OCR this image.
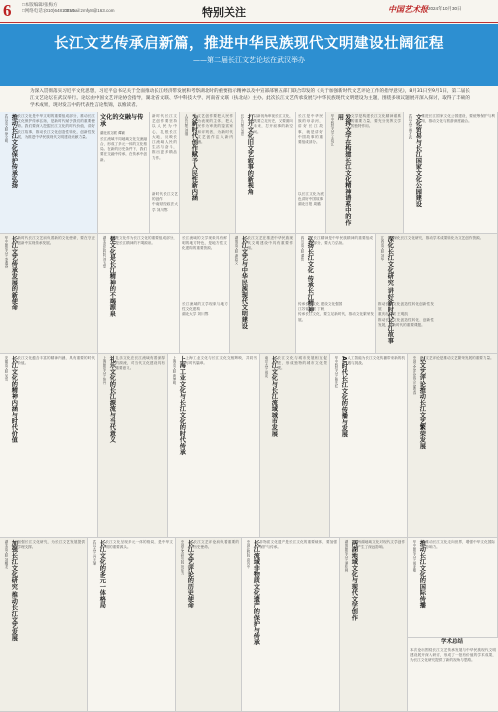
6 □本版编辑/张梅方
□网络电话:(010)64810710
□E-mail:zmfy8@163.com	特别关注	中国艺术报 2024年10月30日
长江文艺传承启新篇，推进中华民族现代文明建设壮阔征程
——第二届长江文艺论坛在武汉举办
为深入贯彻落实习近平文化思想，习近平总书记关于全面推动长江经济带发展和考察湖北时的重要指示精神以及中宣部部署五部门联合印发的《关于加强新时代文艺评论工作的指导意见》，8月31日至9月1日，第二届长江文艺论坛在武汉举行。论坛由中国文艺评论协会指导，湖北省文联、华中科技大学、河南省文联（扶北站）主办。此次长江文艺传承发展与中华民族现代文明建设为主题，围绕多项议题展开深入探讨，取得了丰硕的学术成果，现对发言中的代表性言论集锦，以飨读者。
推动长江文化保护传承弘扬
武汉市文联 徐文明	长江文化是中华文明的重要组成部分，推动长江文化保护传承弘扬，是新时代赋予我们的重要使命。我们要深入挖掘长江文化的时代价值，讲好长江故事，推动长江文化创造性转化、创新性发展，为推进中华民族现代文明建设贡献力量。
文化的交融与传承
湖北省文联 谭颖
长江流域不同地域文化交流融合，形成了多元一体的文化格局。在新的历史条件下，我们要在交融中传承，在传承中创新。
新时代长江文艺创作要坚持以人民为中心，扎根长江大地，反映长江流域人民的生活与奋斗，推出更多精品力作。	为新时代创作赋予人民性新内涵
人民日报 刘继	文艺创作要把人民作为表现的主体，把人民作为审美的鉴赏家和评判者，为新时代文艺创作注入新内涵。	打开文化旧文艺叙事的新视角
长江日报 吴思	以新视角审视长江文化，既要立足历史，又要面向未来，打开叙事的新空间。
长江是中华民族的母亲河，讲好长江故事，就是讲好中国故事的重要组成部分。	发挥文学在构建长江文化精神谱系中的作用
华中科技大学 王均江	文学是构建长江文化精神谱系的重要力量，要充分发挥文学的独特作用。	文化贸易与长江国家文化公园建设
武汉大学 傅才武	推进长江国家文化公园建设，要统筹保护与利用，推动文化与旅游深度融合。
长江文艺传承发展的新使命
华中师范大学 李遇春	新时代长江文艺肩负着新的文化使命，要在守正创新中实现传承发展。	楚文化是长江精神的不竭源泉
湖北省社科院 刘玉堂	楚文化作为长江文化的重要组成部分，是长江精神的不竭源泉。
长江流域的文学现象具有鲜明的地方特色，是地方性文化建构的重要资源。	长江文艺与中华民族现代文明建设
湖南省文联 龚政文	长江文艺在推进中华民族现代文明建设中具有重要作用。	弘扬长江文化 传承长江精神
四川省文联 谭智	长江精神是中华民族精神的重要组成部分，要大力弘扬。	深化长江文化研究 讲好新时代长江故事
江西省文联 刘华	深化长江文化研究，推动学术成果转化为文艺创作资源。
长江文化的精神内涵与时代价值
安徽省文联 吴雪	长江文化蕴含丰富的精神内涵，具有重要的时代价值。	礼乐文化的长江源流与当代意义
上海师范大学 詹丹	礼乐文化在长江流域有着深厚的源流，对当代文化建设具有重要意义。	上海工业文化与长江文化的时代传承
上海市文联 黄坤明	上海工业文化与长江文化交相辉映，共同书写时代篇章。	长江文化与长江流域城市发展
南京大学 周宪	长江文化与城市发展相互促进，形成独特的城市文化景观。	AI时代长江文化的传播与发展
华中科技大学 陈先红	人工智能为长江文化传播带来新的机遇与挑战。	以文艺评论推动长江文艺繁荣发展
中国文艺评论协会 徐粤春	文艺评论是推动文艺繁荣发展的重要力量。
加强长江文化研究 推动长江文艺发展
湖北省文联 刘醒龙	加强长江文化研究，为长江文艺发展提供学理支撑。	长江文化的多元一体格局
武汉大学 冯天瑜	长江文化呈现多元一体的格局，是中华文明的重要源头。	长江文艺评论的历史使命
中国艺术研究院 祝东力	长江文艺评论肩负着重要的历史使命。	长江流域非物质文化遗产的保护与传承
中国社科院 高丙中	非物质文化遗产是长江文化的重要载体，要加强保护与传承。	两湖地域文化与现代文学创作
湖南师范大学 谭桂林	两湖地域文化对现代文学创作产生了深远影响。	推动长江文化的国际传播
华中师范大学 胡亚敏	推动长江文化走向世界，增强中华文化国际影响力。
学术总结
本次论坛围绕长江文艺传承发展与中华民族现代文明建设展开深入研讨，形成了一批有价值的学术成果，为长江文化研究提供了新的视角与思路。
传承长江文化 建设文化强国
江苏省文联 丁帆
传承长江文化，要立足新时代，推动文化繁荣发展。
推动长江文化创造性转化创新性发展
重庆市文联 王明凯
推动长江文化创造性转化、创新性发展，是新时代的重要课题。
长江流域的文学现象与地方性文化建构
湖北大学 刘川鄂
新时代长江文艺的创作
中南财经政法大学 刘川鄂
以长江文化为底色讲好中国故事
湖北日报 周璐
